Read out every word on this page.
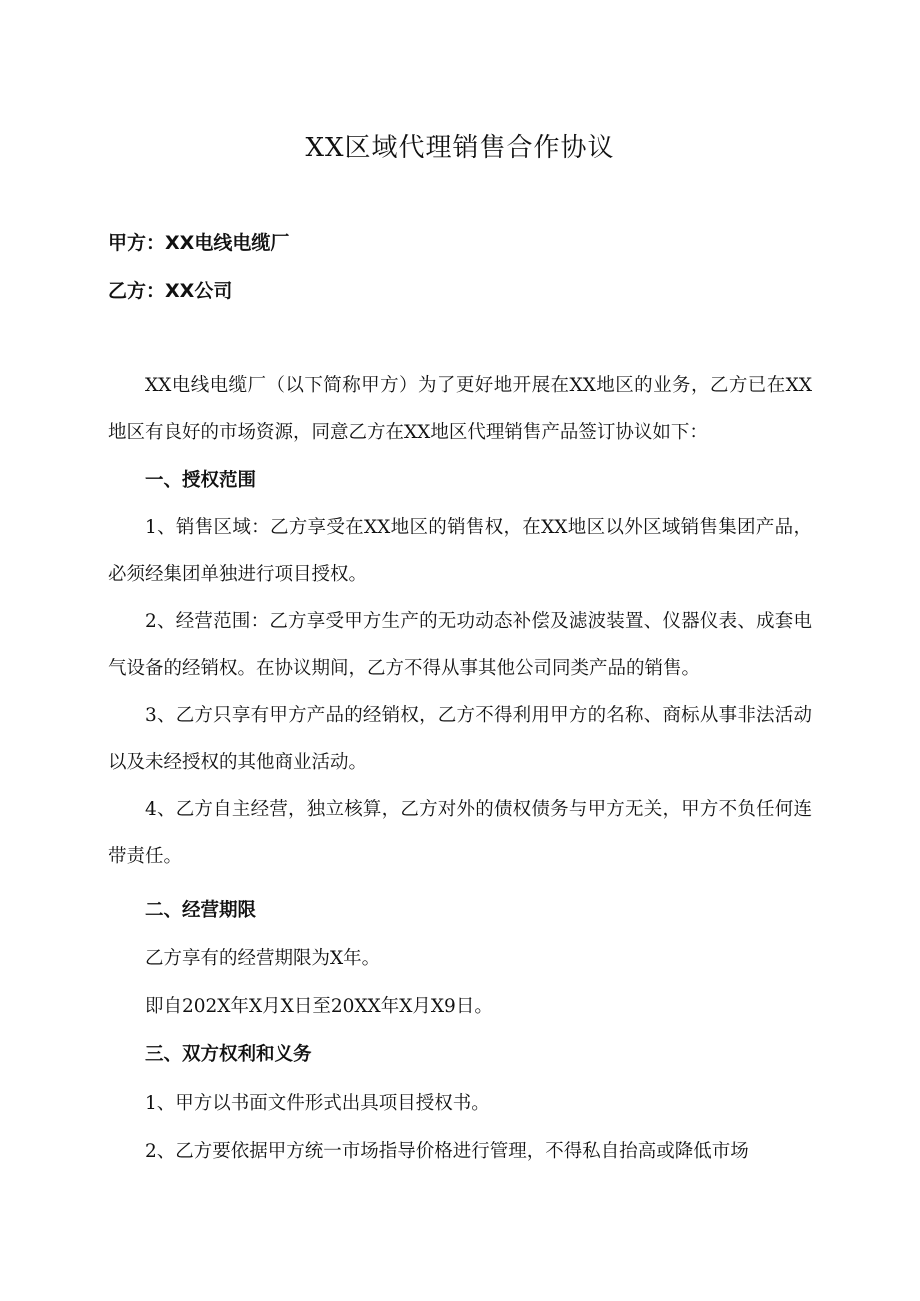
XX区域代理销售合作协议
甲方：XX电线电缆厂
乙方：XX公司

XX电线电缆厂（以下简称甲方）为了更好地开展在XX地区的业务，乙方已在XX地区有良好的市场资源，同意乙方在XX地区代理销售产品签订协议如下：

一、授权范围

1、销售区域：乙方享受在XX地区的销售权，在XX地区以外区域销售集团产品，必须经集团单独进行项目授权。

2、经营范围：乙方享受甲方生产的无功动态补偿及滤波装置、仪器仪表、成套电气设备的经销权。在协议期间，乙方不得从事其他公司同类产品的销售。

3、乙方只享有甲方产品的经销权，乙方不得利用甲方的名称、商标从事非法活动以及未经授权的其他商业活动。

4、乙方自主经营，独立核算，乙方对外的债权债务与甲方无关，甲方不负任何连带责任。

二、经营期限
乙方享有的经营期限为X年。
即自202X年X月X日至20XX年X月X9日。
三、双方权利和义务
1、甲方以书面文件形式出具项目授权书。
2、乙方要依据甲方统一市场指导价格进行管理，不得私自抬高或降低市场
